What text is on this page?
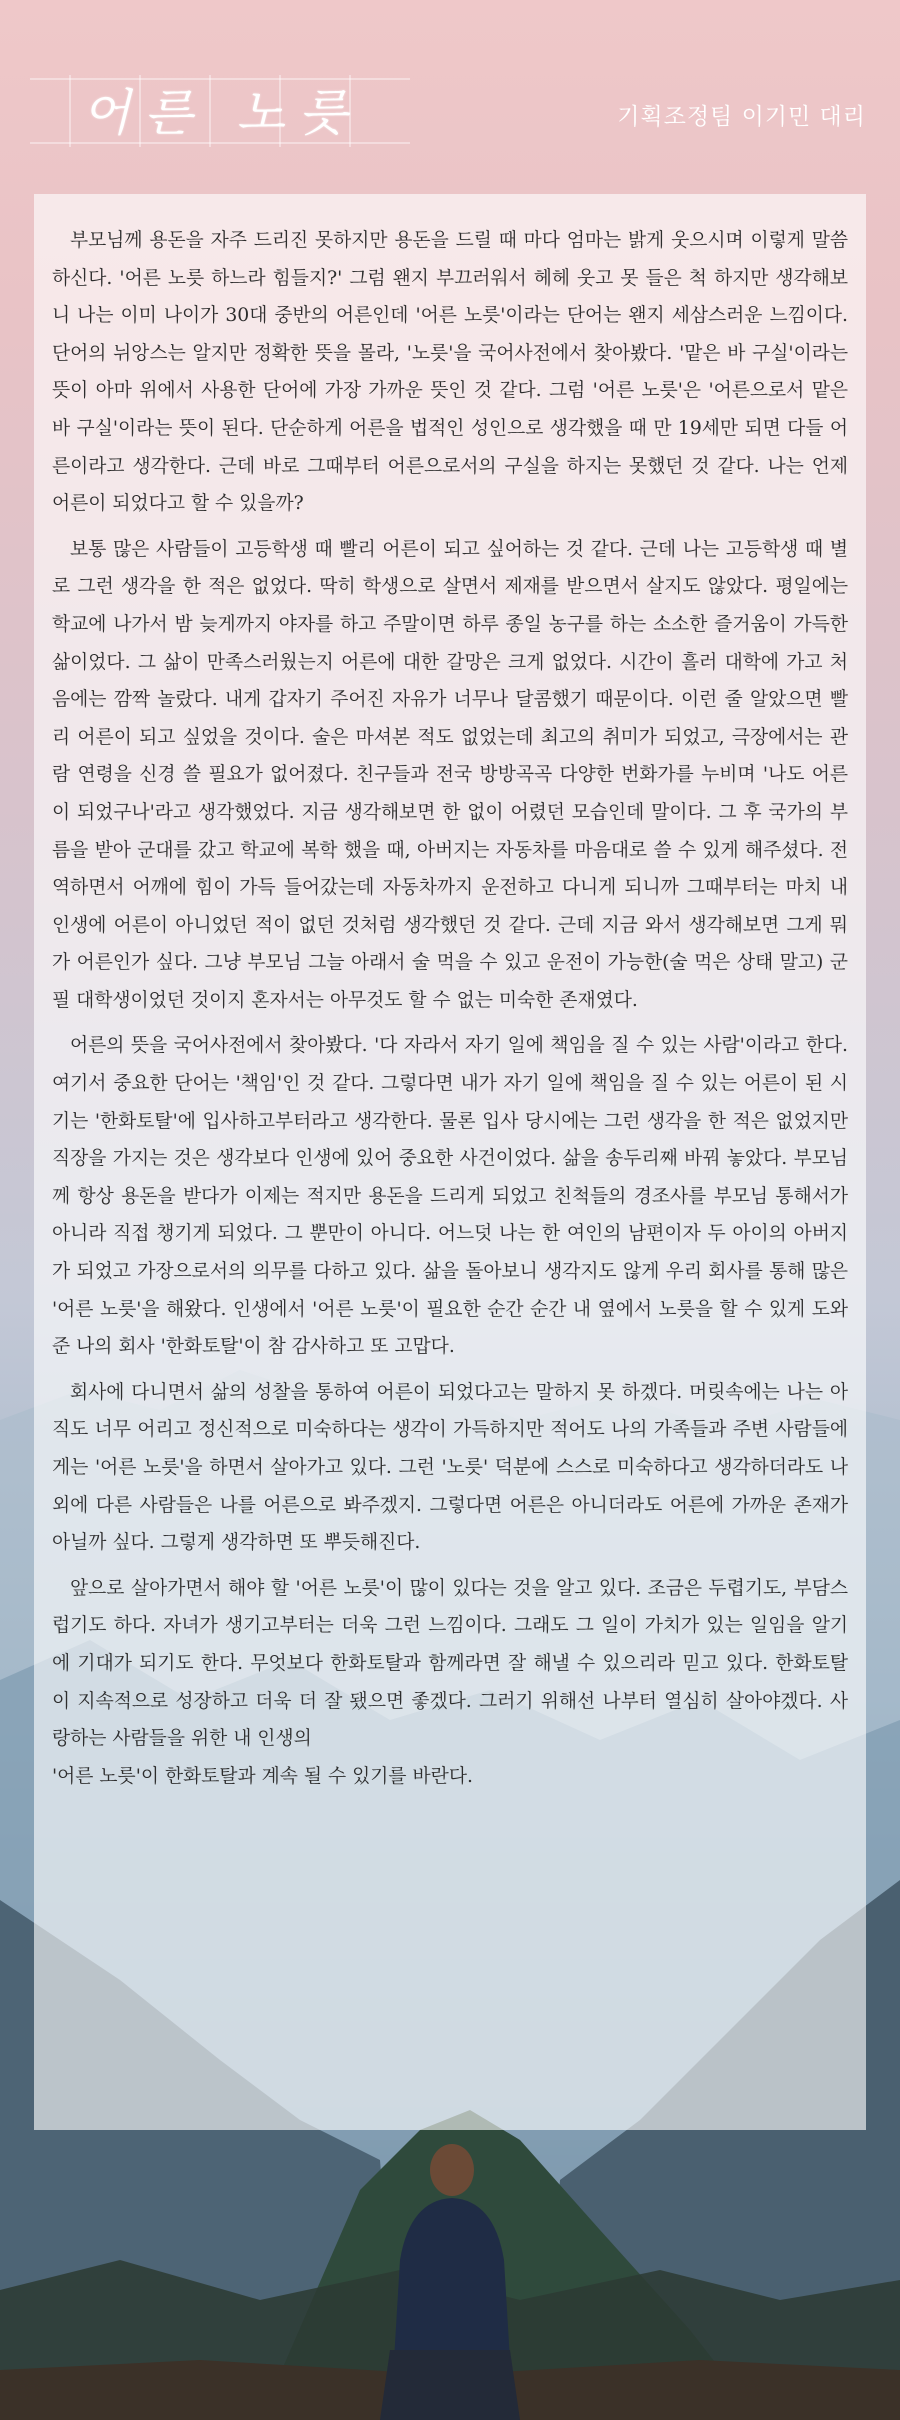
어른 노릇	기획조정팀 이기민 대리

부모님께 용돈을 자주 드리진 못하지만 용돈을 드릴 때 마다 엄마는 밝게 웃으시며 이렇게 말씀 하신다. '어른 노릇 하느라 힘들지?' 그럼 왠지 부끄러워서 헤헤 웃고 못 들은 척 하지만 생각해보니 나는 이미 나이가 30대 중반의 어른인데 '어른 노릇'이라는 단어는 왠지 세삼스러운 느낌이다. 단어의 뉘앙스는 알지만 정확한 뜻을 몰라, '노릇'을 국어사전에서 찾아봤다. '맡은 바 구실'이라는 뜻이 아마 위에서 사용한 단어에 가장 가까운 뜻인 것 같다. 그럼 '어른 노릇'은 '어른으로서 맡은 바 구실'이라는 뜻이 된다. 단순하게 어른을 법적인 성인으로 생각했을 때 만 19세만 되면 다들 어른이라고 생각한다. 근데 바로 그때부터 어른으로서의 구실을 하지는 못했던 것 같다. 나는 언제 어른이 되었다고 할 수 있을까?

보통 많은 사람들이 고등학생 때 빨리 어른이 되고 싶어하는 것 같다. 근데 나는 고등학생 때 별로 그런 생각을 한 적은 없었다. 딱히 학생으로 살면서 제재를 받으면서 살지도 않았다. 평일에는 학교에 나가서 밤 늦게까지 야자를 하고 주말이면 하루 종일 농구를 하는 소소한 즐거움이 가득한 삶이었다. 그 삶이 만족스러웠는지 어른에 대한 갈망은 크게 없었다. 시간이 흘러 대학에 가고 처음에는 깜짝 놀랐다. 내게 갑자기 주어진 자유가 너무나 달콤했기 때문이다. 이런 줄 알았으면 빨리 어른이 되고 싶었을 것이다. 술은 마셔본 적도 없었는데 최고의 취미가 되었고, 극장에서는 관람 연령을 신경 쓸 필요가 없어졌다. 친구들과 전국 방방곡곡 다양한 번화가를 누비며 '나도 어른이 되었구나'라고 생각했었다. 지금 생각해보면 한 없이 어렸던 모습인데 말이다. 그 후 국가의 부름을 받아 군대를 갔고 학교에 복학 했을 때, 아버지는 자동차를 마음대로 쓸 수 있게 해주셨다. 전역하면서 어깨에 힘이 가득 들어갔는데 자동차까지 운전하고 다니게 되니까 그때부터는 마치 내 인생에 어른이 아니었던 적이 없던 것처럼 생각했던 것 같다. 근데 지금 와서 생각해보면 그게 뭐가 어른인가 싶다. 그냥 부모님 그늘 아래서 술 먹을 수 있고 운전이 가능한(술 먹은 상태 말고) 군필 대학생이었던 것이지 혼자서는 아무것도 할 수 없는 미숙한 존재였다.

어른의 뜻을 국어사전에서 찾아봤다. '다 자라서 자기 일에 책임을 질 수 있는 사람'이라고 한다. 여기서 중요한 단어는 '책임'인 것 같다. 그렇다면 내가 자기 일에 책임을 질 수 있는 어른이 된 시기는 '한화토탈'에 입사하고부터라고 생각한다. 물론 입사 당시에는 그런 생각을 한 적은 없었지만 직장을 가지는 것은 생각보다 인생에 있어 중요한 사건이었다. 삶을 송두리째 바꿔 놓았다. 부모님께 항상 용돈을 받다가 이제는 적지만 용돈을 드리게 되었고 친척들의 경조사를 부모님 통해서가 아니라 직접 챙기게 되었다. 그 뿐만이 아니다. 어느덧 나는 한 여인의 남편이자 두 아이의 아버지가 되었고 가장으로서의 의무를 다하고 있다. 삶을 돌아보니 생각지도 않게 우리 회사를 통해 많은 '어른 노릇'을 해왔다. 인생에서 '어른 노릇'이 필요한 순간 순간 내 옆에서 노릇을 할 수 있게 도와준 나의 회사 '한화토탈'이 참 감사하고 또 고맙다.

회사에 다니면서 삶의 성찰을 통하여 어른이 되었다고는 말하지 못 하겠다. 머릿속에는 나는 아직도 너무 어리고 정신적으로 미숙하다는 생각이 가득하지만 적어도 나의 가족들과 주변 사람들에게는 '어른 노릇'을 하면서 살아가고 있다. 그런 '노릇' 덕분에 스스로 미숙하다고 생각하더라도 나 외에 다른 사람들은 나를 어른으로 봐주겠지. 그렇다면 어른은 아니더라도 어른에 가까운 존재가 아닐까 싶다. 그렇게 생각하면 또 뿌듯해진다.

앞으로 살아가면서 해야 할 '어른 노릇'이 많이 있다는 것을 알고 있다. 조금은 두렵기도, 부담스럽기도 하다. 자녀가 생기고부터는 더욱 그런 느낌이다. 그래도 그 일이 가치가 있는 일임을 알기에 기대가 되기도 한다. 무엇보다 한화토탈과 함께라면 잘 해낼 수 있으리라 믿고 있다. 한화토탈이 지속적으로 성장하고 더욱 더 잘 됐으면 좋겠다. 그러기 위해선 나부터 열심히 살아야겠다. 사랑하는 사람들을 위한 내 인생의

'어른 노릇'이 한화토탈과 계속 될 수 있기를 바란다.
